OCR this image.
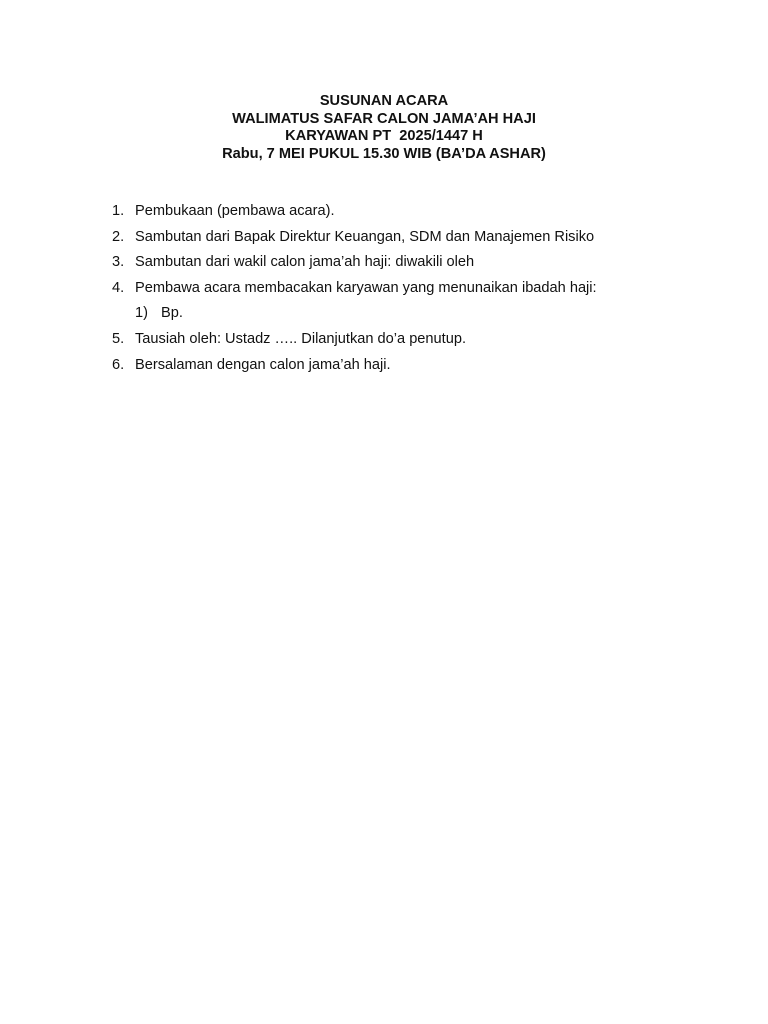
SUSUNAN ACARA
WALIMATUS SAFAR CALON JAMA’AH HAJI
KARYAWAN PT  2025/1447 H
Rabu, 7 MEI PUKUL 15.30 WIB (BA’DA ASHAR)

1.

Pembukaan (pembawa acara).

2.

Sambutan dari Bapak Direktur Keuangan, SDM dan Manajemen Risiko

3.

Sambutan dari wakil calon jama’ah haji: diwakili oleh

4.

Pembawa acara membacakan karyawan yang menunaikan ibadah haji:

1)

Bp.

5.

Tausiah oleh: Ustadz ….. Dilanjutkan do’a penutup.

6.

Bersalaman dengan calon jama’ah haji.
